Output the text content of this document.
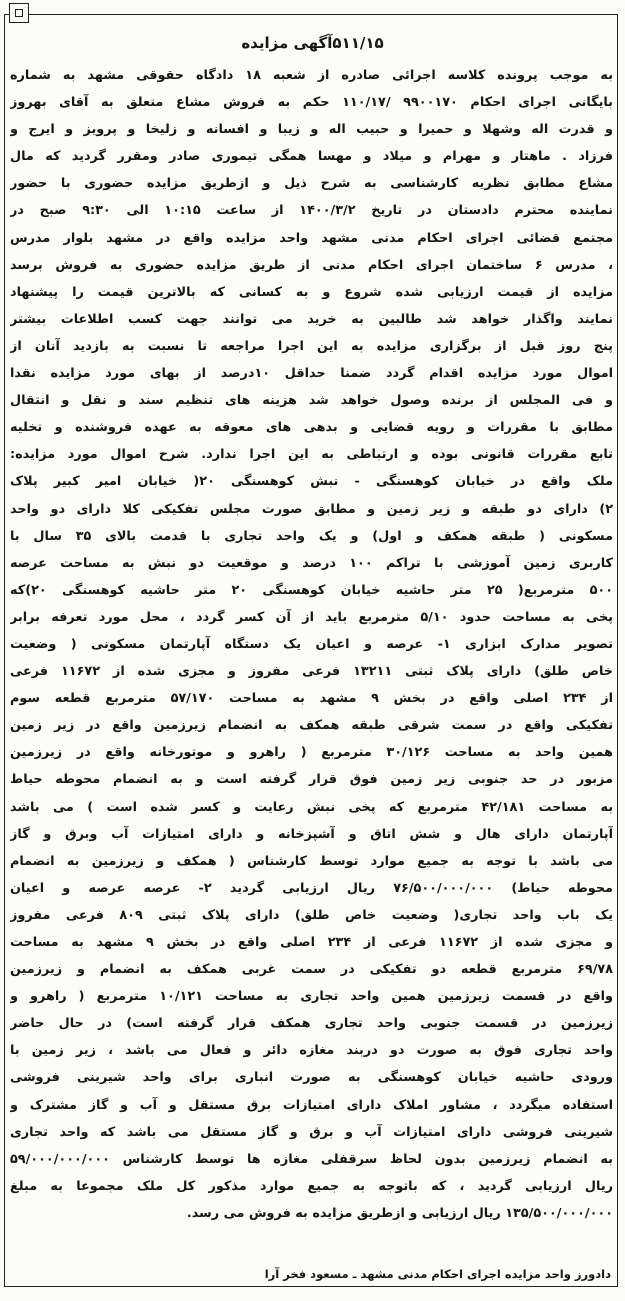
۵۱۱/۱۵آگهی مزایده
به موجب پرونده کلاسه اجرائی صادره از شعبه ۱۸ دادگاه حقوقی مشهد به شماره
بایگانی اجرای احکام ۹۹۰۰۱۷۰ /۱۱۰/۱۷ حکم به فروش مشاع متعلق به آقای بهروز
و قدرت اله وشهلا و حمیرا و حبیب اله و زیبا و افسانه و زلیخا و پرویز و ایرج و
فرزاد . ماهتار و مهرام و میلاد و مهسا همگی تیموری صادر ومقرر گردید که مال
مشاع مطابق نظریه کارشناسی به شرح ذیل و ازطریق مزایده حضوری با حضور
نماینده محترم دادستان در تاریخ ۱۴۰۰/۳/۲ از ساعت ۱۰:۱۵ الی ۹:۳۰ صبح در
مجتمع قضائی اجرای احکام مدنی مشهد واحد مزایده واقع در مشهد بلوار مدرس
، مدرس ۶ ساختمان اجرای احکام مدنی از طریق مزایده حضوری به فروش برسد
مزایده از قیمت ارزیابی شده شروع و به کسانی که بالاترین قیمت را پیشنهاد
نمایند واگذار خواهد شد طالبین به خرید می توانند جهت کسب اطلاعات بیشتر
پنج روز قبل از برگزاری مزایده به این اجرا مراجعه تا نسبت به بازدید آنان از
اموال مورد مزایده اقدام گردد ضمنا حداقل ۱۰درصد از بهای مورد مزایده نقدا
و فی المجلس از برنده وصول خواهد شد هزینه های تنظیم سند و نقل و انتقال
مطابق با مقررات و رویه قضایی و بدهی های معوقه به عهده فروشنده و تخلیه
تابع مقررات قانونی بوده و ارتباطی به این اجرا ندارد. شرح اموال مورد مزایده:
ملک واقع در خیابان کوهسنگی - نبش کوهسنگی ۲۰( خیابان امیر کبیر پلاک
۲) دارای دو طبقه و زیر زمین و مطابق صورت مجلس تفکیکی کلا دارای دو واحد
مسکونی ( طبقه همکف و اول) و یک واحد تجاری با قدمت بالای ۳۵ سال با
کاربری زمین آموزشی با تراکم ۱۰۰ درصد و موقعیت دو نبش به مساحت عرصه
۵۰۰ مترمربع( ۲۵ متر حاشیه خیابان کوهسنگی ۲۰ متر حاشیه کوهسنگی ۲۰)که
پخی به مساحت حدود ۵/۱۰ مترمربع باید از آن کسر گردد ، محل مورد تعرفه برابر
تصویر مدارک ابزاری ۱- عرصه و اعیان یک دستگاه آپارتمان مسکونی ( وضعیت
خاص طلق) دارای پلاک ثبتی ۱۳۲۱۱ فرعی مفروز و مجزی شده از ۱۱۶۷۲ فرعی
از ۲۳۴ اصلی واقع در بخش ۹ مشهد به مساحت ۵۷/۱۷۰ مترمربع قطعه سوم
تفکیکی واقع در سمت شرقی طبقه همکف به انضمام زیرزمین واقع در زیر زمین
همین واحد به مساحت ۳۰/۱۲۶ مترمربع ( راهرو و موتورخانه واقع در زیرزمین
مزبور در حد جنوبی زیر زمین فوق قرار گرفته است و به انضمام محوطه حیاط
به مساحت ۴۲/۱۸۱ مترمربع که پخی نبش رعایت و کسر شده است ) می باشد
آپارتمان دارای هال و شش اتاق و آشپزخانه و دارای امتیازات آب وبرق و گاز
می باشد با توجه به جمیع موارد توسط کارشناس ( همکف و زیرزمین به انضمام
محوطه حیاط) ۷۶/۵۰۰/۰۰۰/۰۰۰ ریال ارزیابی گردید ۲- عرصه عرصه و اعیان
یک باب واحد تجاری( وضعیت خاص طلق) دارای پلاک ثبتی ۸۰۹ فرعی مفروز
و مجزی شده از ۱۱۶۷۲ فرعی از ۲۳۴ اصلی واقع در بخش ۹ مشهد به مساحت
۶۹/۷۸ مترمربع قطعه دو تفکیکی در سمت غربی همکف به انضمام و زیرزمین
واقع در قسمت زیرزمین همین واحد تجاری به مساحت ۱۰/۱۲۱ مترمربع ( راهرو و
زیرزمین در قسمت جنوبی واحد تجاری همکف قرار گرفته است) در حال حاضر
واحد تجاری فوق به صورت دو دربند مغازه دائر و فعال می باشد ، زیر زمین با
ورودی حاشیه خیابان کوهسنگی به صورت انباری برای واحد شیرینی فروشی
استفاده میگردد ، مشاور املاک دارای امتیازات برق مستقل و آب و گاز مشترک و
شیرینی فروشی دارای امتیازات آب و برق و گاز مستقل می باشد که واحد تجاری
به انضمام زیرزمین بدون لحاظ سرقفلی مغازه ها توسط کارشناس ۵۹/۰۰۰/۰۰۰/۰۰۰
ریال ارزیابی گردید ، که باتوجه به جمیع موارد مذکور کل ملک مجموعا به مبلغ
۱۳۵/۵۰۰/۰۰۰/۰۰۰ ریال ارزیابی و ازطریق مزایده به فروش می رسد.
دادورز واحد مزایده اجرای احکام مدنی مشهد ـ مسعود فخر آرا
